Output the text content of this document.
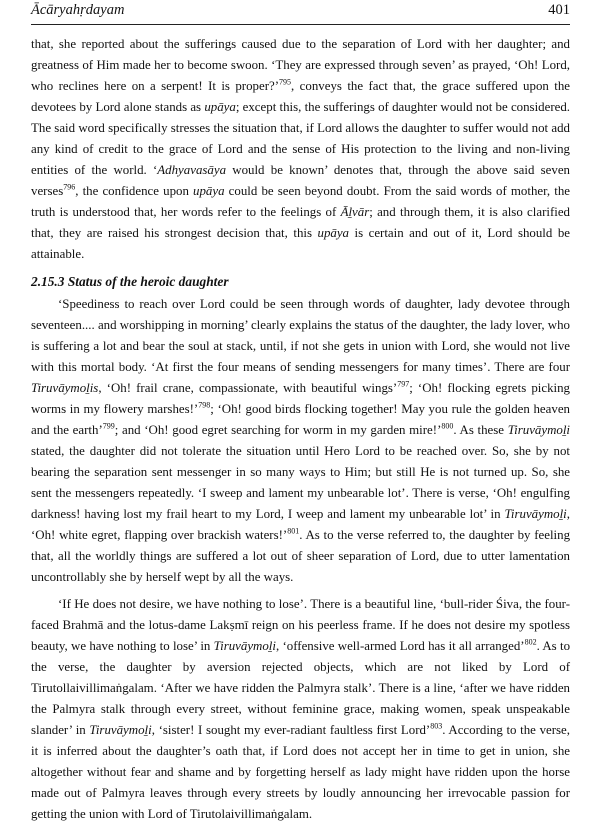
Ācāryahṛdayam	401

that, she reported about the sufferings caused due to the separation of Lord with her daughter; and greatness of Him made her to become swoon. ‘They are expressed through seven’ as prayed, ‘Oh! Lord, who reclines here on a serpent! It is proper?’$^{795}$, conveys the fact that, the grace suffered upon the devotees by Lord alone stands as upāya; except this, the sufferings of daughter would not be considered. The said word specifically stresses the situation that, if Lord allows the daughter to suffer would not add any kind of credit to the grace of Lord and the sense of His protection to the living and non-living entities of the world. ‘Adhyavasāya would be known’ denotes that, through the above said seven verses$^{796}$, the confidence upon upāya could be seen beyond doubt. From the said words of mother, the truth is understood that, her words refer to the feelings of Āḻvār; and through them, it is also clarified that, they are raised his strongest decision that, this upāya is certain and out of it, Lord should be attainable.

2.15.3 Status of the heroic daughter

‘Speediness to reach over Lord could be seen through words of daughter, lady devotee through seventeen.... and worshipping in morning’ clearly explains the status of the daughter, the lady lover, who is suffering a lot and bear the soul at stack, until, if not she gets in union with Lord, she would not live with this mortal body. ‘At first the four means of sending messengers for many times’. There are four Tiruvāymoḻis, ‘Oh! frail crane, compassionate, with beautiful wings’$^{797}$; ‘Oh! flocking egrets picking worms in my flowery marshes!’$^{798}$; ‘Oh! good birds flocking together! May you rule the golden heaven and the earth’$^{799}$; and ‘Oh! good egret searching for worm in my garden mire!’$^{800}$. As these Tiruvāymoḻi stated, the daughter did not tolerate the situation until Hero Lord to be reached over. So, she by not bearing the separation sent messenger in so many ways to Him; but still He is not turned up. So, she sent the messengers repeatedly. ‘I sweep and lament my unbearable lot’. There is verse, ‘Oh! engulfing darkness! having lost my frail heart to my Lord, I weep and lament my unbearable lot’ in Tiruvāymoḻi, ‘Oh! white egret, flapping over brackish waters!’$^{801}$. As to the verse referred to, the daughter by feeling that, all the worldly things are suffered a lot out of sheer separation of Lord, due to utter lamentation uncontrollably she by herself wept by all the ways.

‘If He does not desire, we have nothing to lose’. There is a beautiful line, ‘bull-rider Śiva, the four-faced Brahmā and the lotus-dame Lakṣmī reign on his peerless frame. If he does not desire my spotless beauty, we have nothing to lose’ in Tiruvāymoḻi, ‘offensive well-armed Lord has it all arranged’$^{802}$. As to the verse, the daughter by aversion rejected objects, which are not liked by Lord of Tirutollaivillimaṅgalam. ‘After we have ridden the Palmyra stalk’. There is a line, ‘after we have ridden the Palmyra stalk through every street, without feminine grace, making women, speak unspeakable slander’ in Tiruvāymoḻi, ‘sister! I sought my ever-radiant faultless first Lord’$^{803}$. According to the verse, it is inferred about the daughter’s oath that, if Lord does not accept her in time to get in union, she altogether without fear and shame and by forgetting herself as lady might have ridden upon the horse made out of Palmyra leaves through every streets by loudly announcing her irrevocable passion for getting the union with Lord of Tirutolaivillimaṅgalam.
